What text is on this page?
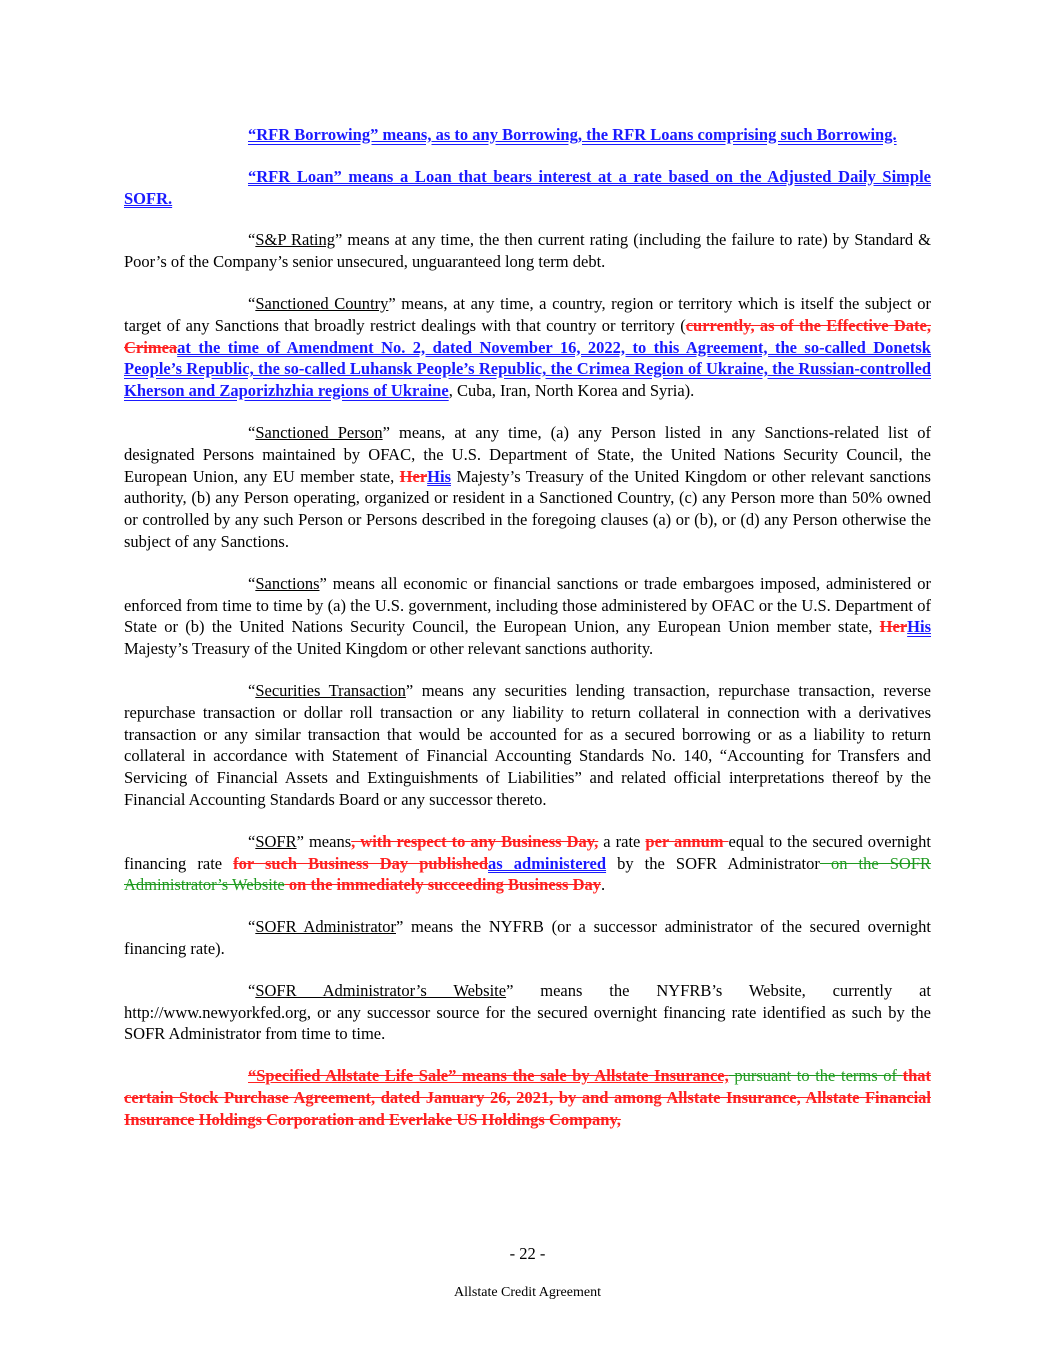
“RFR Borrowing” means, as to any Borrowing, the RFR Loans comprising such Borrowing.

“RFR Loan” means a Loan that bears interest at a rate based on the Adjusted Daily Simple SOFR.

“S&P Rating” means at any time, the then current rating (including the failure to rate) by Standard & Poor’s of the Company’s senior unsecured, unguaranteed long term debt.

“Sanctioned Country” means, at any time, a country, region or territory which is itself the subject or target of any Sanctions that broadly restrict dealings with that country or territory (currently, as of the Effective Date, Crimeaat the time of Amendment No. 2, dated November 16, 2022, to this Agreement, the so-called Donetsk People’s Republic, the so-called Luhansk People’s Republic, the Crimea Region of Ukraine, the Russian-controlled Kherson and Zaporizhzhia regions of Ukraine, Cuba, Iran, North Korea and Syria).

“Sanctioned Person” means, at any time, (a) any Person listed in any Sanctions-related list of designated Persons maintained by OFAC, the U.S. Department of State, the United Nations Security Council, the European Union, any EU member state, HerHis Majesty’s Treasury of the United Kingdom or other relevant sanctions authority, (b) any Person operating, organized or resident in a Sanctioned Country, (c) any Person more than 50% owned or controlled by any such Person or Persons described in the foregoing clauses (a) or (b), or (d) any Person otherwise the subject of any Sanctions.

“Sanctions” means all economic or financial sanctions or trade embargoes imposed, administered or enforced from time to time by (a) the U.S. government, including those administered by OFAC or the U.S. Department of State or (b) the United Nations Security Council, the European Union, any European Union member state, HerHis Majesty’s Treasury of the United Kingdom or other relevant sanctions authority.

“Securities Transaction” means any securities lending transaction, repurchase transaction, reverse repurchase transaction or dollar roll transaction or any liability to return collateral in connection with a derivatives transaction or any similar transaction that would be accounted for as a secured borrowing or as a liability to return collateral in accordance with Statement of Financial Accounting Standards No. 140, “Accounting for Transfers and Servicing of Financial Assets and Extinguishments of Liabilities” and related official interpretations thereof by the Financial Accounting Standards Board or any successor thereto.

“SOFR” means, with respect to any Business Day, a rate per annum equal to the secured overnight financing rate for such Business Day publishedas administered by the SOFR Administrator on the SOFR Administrator’s Website on the immediately succeeding Business Day.

“SOFR Administrator” means the NYFRB (or a successor administrator of the secured overnight financing rate).

“SOFR Administrator’s Website” means the NYFRB’s Website, currently at http://www.newyorkfed.org, or any successor source for the secured overnight financing rate identified as such by the SOFR Administrator from time to time.

“Specified Allstate Life Sale” means the sale by Allstate Insurance, pursuant to the terms of that certain Stock Purchase Agreement, dated January 26, 2021, by and among Allstate Insurance, Allstate Financial Insurance Holdings Corporation and Everlake US Holdings Company,

- 22 -
Allstate Credit Agreement
